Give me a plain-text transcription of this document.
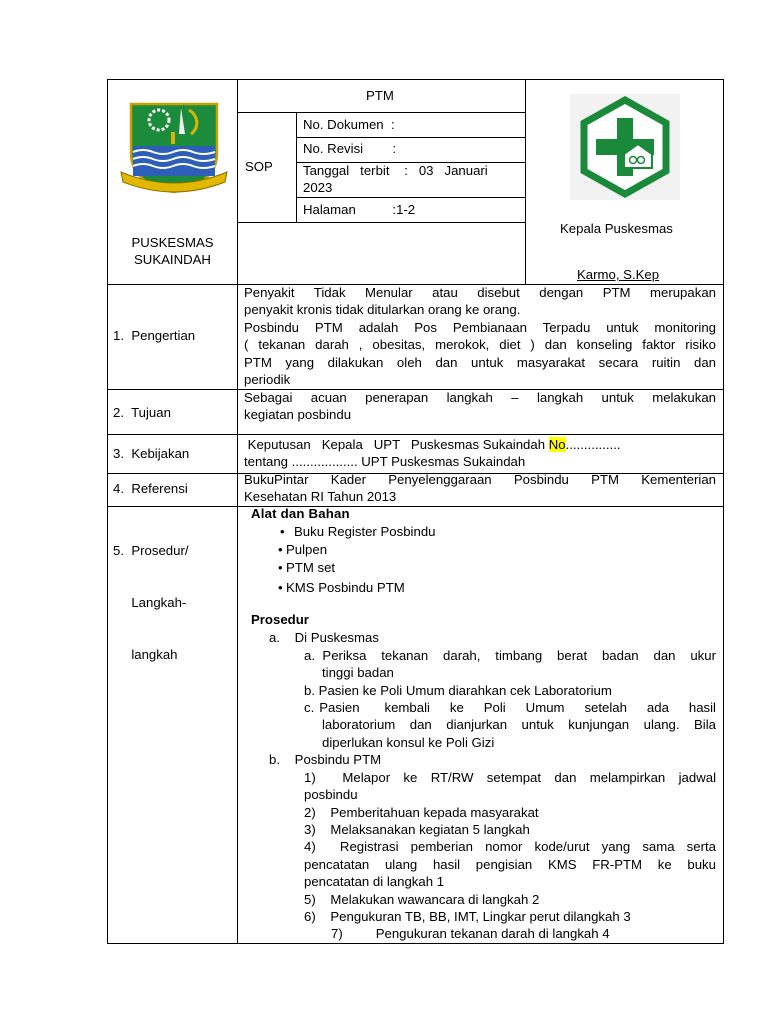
PTM
SOP
No. Dokumen  :
No. Revisi        :
Tanggal   terbit    :   03   Januari
2023
Halaman          :1-2
PUSKESMAS
SUKAINDAH
Kepala Puskesmas
Karmo, S.Kep
1.  Pengertian
Penyakit  Tidak  Menular  atau  disebut  dengan  PTM  merupakan
penyakit kronis tidak ditularkan orang ke orang.
Posbindu PTM adalah Pos Pembianaan Terpadu untuk monitoring
( tekanan darah , obesitas, merokok, diet ) dan konseling faktor risiko
PTM yang dilakukan oleh dan untuk masyarakat secara ruitin dan
periodik
2.  Tujuan
Sebagai  acuan  penerapan  langkah  –  langkah  untuk  melakukan
kegiatan posbindu
3.  Kebijakan
Keputusan   Kepala   UPT   Puskesmas Sukaindah No...............
tentang .................. UPT Puskesmas Sukaindah
4.  Referensi
BukuPintar  Kader  Penyelenggaraan  Posbindu  PTM  Kementerian
Kesehatan RI Tahun 2013

5.  Prosedur/

Langkah-

langkah

Alat dan Bahan
• Buku Register Posbindu
• Pulpen
• PTM set
• KMS Posbindu PTM
Prosedur
a.    Di Puskesmas
a. Periksa  tekanan  darah,  timbang  berat  badan  dan  ukur
tinggi badan
b. Pasien ke Poli Umum diarahkan cek Laboratorium
c. Pasien     kembali    ke    Poli    Umum    setelah    ada    hasil
laboratorium dan dianjurkan untuk kunjungan ulang. Bila
diperlukan konsul ke Poli Gizi
b.    Posbindu PTM
1)    Melapor  ke  RT/RW  setempat  dan  melampirkan  jadwal
posbindu
2)    Pemberitahuan kepada masyarakat
3)    Melaksanakan kegiatan 5 langkah
4)    Registrasi  pemberian  nomor  kode/urut  yang  sama  serta
pencatatan  ulang  hasil  pengisian  KMS  FR-PTM  ke  buku
pencatatan di langkah 1
5)    Melakukan wawancara di langkah 2
6)    Pengukuran TB, BB, IMT, Lingkar perut dilangkah 3
7)         Pengukuran tekanan darah di langkah 4
